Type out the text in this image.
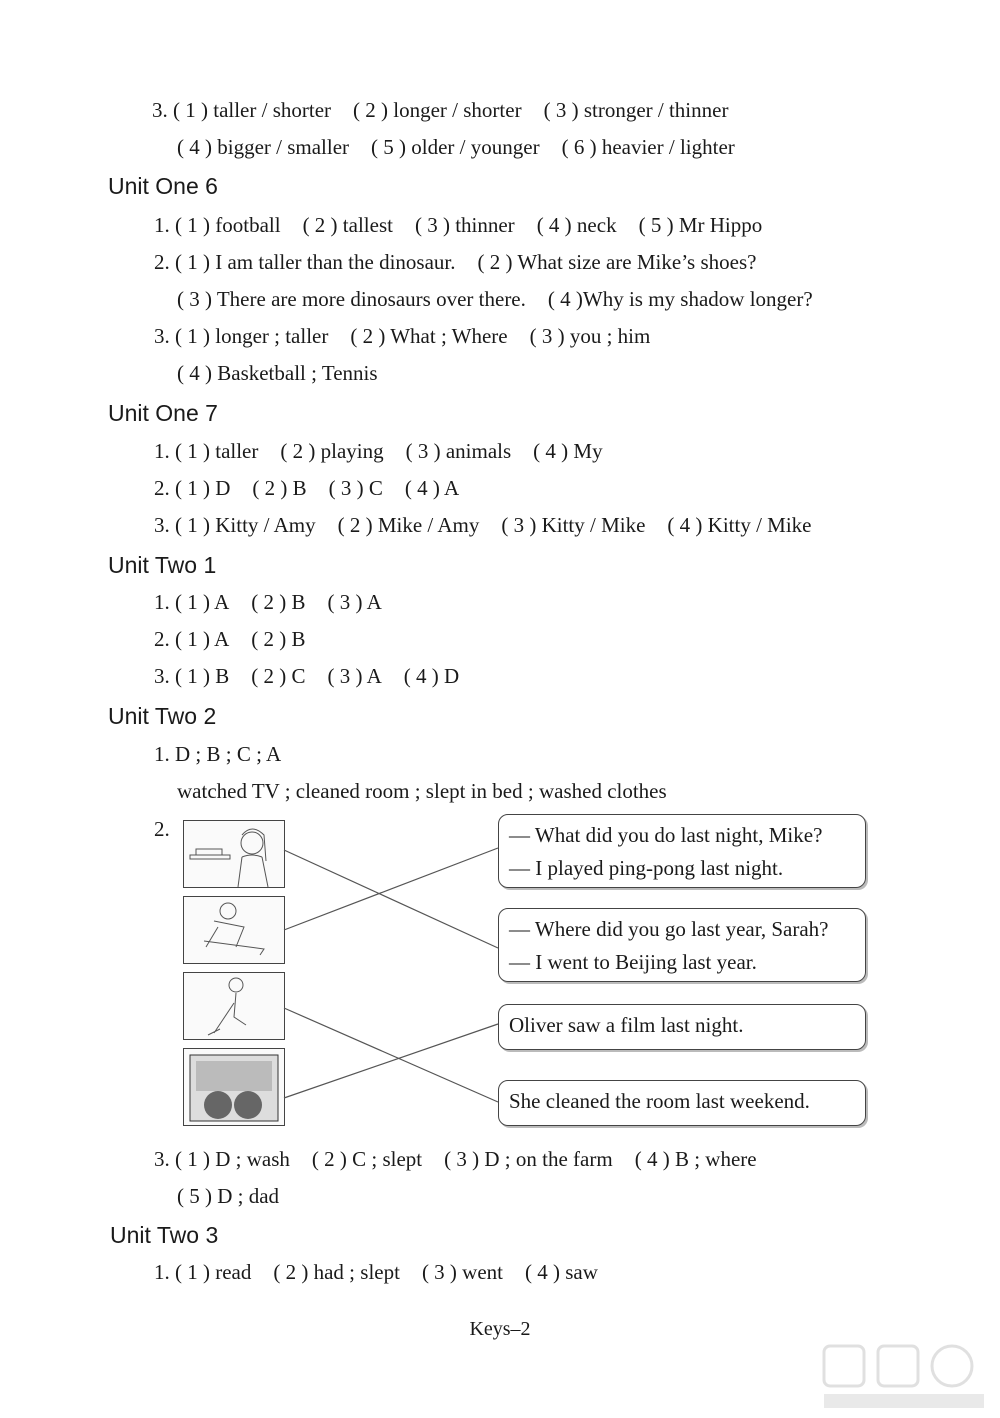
3. ( 1 ) taller / shorter ( 2 ) longer / shorter ( 3 ) stronger / thinner
( 4 ) bigger / smaller ( 5 ) older / younger ( 6 ) heavier / lighter
Unit One 6
1. ( 1 ) football ( 2 ) tallest ( 3 ) thinner ( 4 ) neck ( 5 ) Mr Hippo
2. ( 1 ) I am taller than the dinosaur. ( 2 ) What size are Mike’s shoes?
( 3 ) There are more dinosaurs over there. ( 4 )Why is my shadow longer?
3. ( 1 ) longer ; taller ( 2 ) What ; Where ( 3 ) you ; him
( 4 ) Basketball ; Tennis
Unit One 7
1. ( 1 ) taller ( 2 ) playing ( 3 ) animals ( 4 ) My
2. ( 1 ) D ( 2 ) B ( 3 ) C ( 4 ) A
3. ( 1 ) Kitty / Amy ( 2 ) Mike / Amy ( 3 ) Kitty / Mike ( 4 ) Kitty / Mike
Unit Two 1
1. ( 1 ) A ( 2 ) B ( 3 ) A
2. ( 1 ) A ( 2 ) B
3. ( 1 ) B ( 2 ) C ( 3 ) A ( 4 ) D
Unit Two 2
1. D ; B ; C ; A
watched TV ; cleaned room ; slept in bed ; washed clothes
2.	— What did you do last night, Mike?
— I played ping-pong last night.
— Where did you go last year, Sarah?
— I went to Beijing last year.
Oliver saw a film last night.
She cleaned the room last weekend.
3. ( 1 ) D ; wash ( 2 ) C ; slept ( 3 ) D ; on the farm ( 4 ) B ; where
( 5 ) D ; dad
Unit Two 3
1. ( 1 ) read ( 2 ) had ; slept ( 3 ) went ( 4 ) saw
Keys–2
